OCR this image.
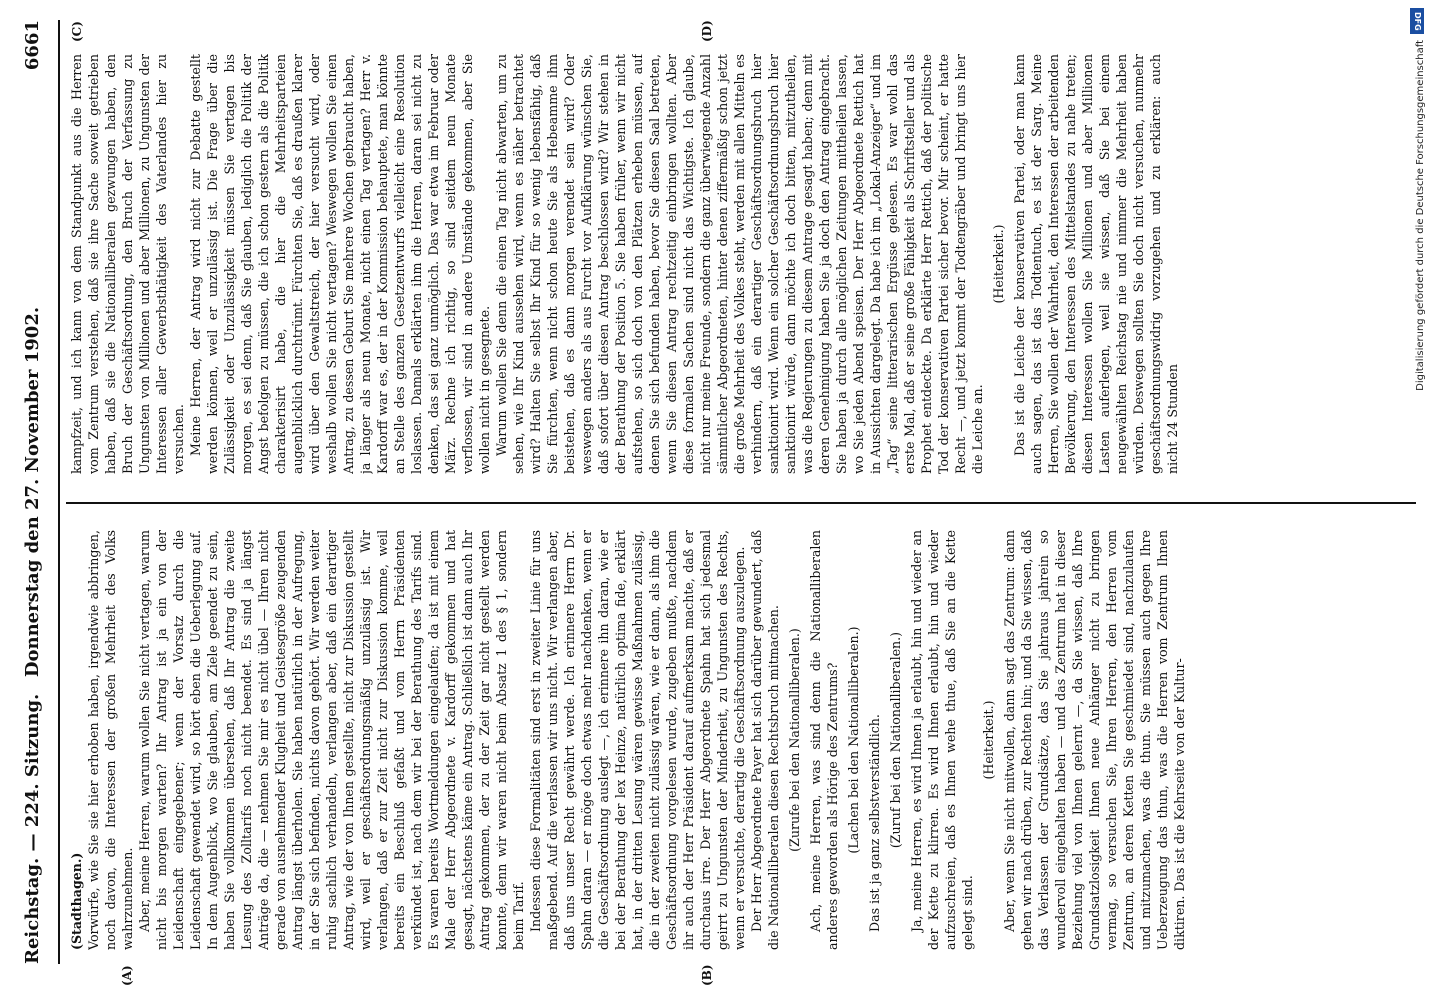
Reichstag. — 224. Sitzung.
Donnerstag den 27. November 1902.
6661
(A)	(B)
(C)	(D)

(Stadthagen.) Vorwürfe, wie Sie sie hier erhoben haben, irgendwie abbringen, noch davon, die Interessen der großen Mehrheit des Volks wahrzunehmen. Aber, meine Herren, warum wollen Sie nicht vertagen, warum nicht bis morgen warten? Ihr Antrag ist ja ein von der Leidenschaft eingegebener; wenn der Vorsatz durch die Leidenschaft gewendet wird, so hört eben die Ueberlegung auf. In dem Augenblick, wo Sie glauben, am Ziele geendet zu sein, haben Sie vollkommen übersehen, daß Ihr Antrag die zweite Lesung des Zolltarifs noch nicht beendet. Es sind ja längst Anträge da, die — nehmen Sie mir es nicht übel — Ihren nicht gerade von ausnehmender Klugheit und Geistesgröße zeugenden Antrag längst überholen. Sie haben natürlich in der Aufregung, in der Sie sich befinden, nichts davon gehört. Wir werden weiter ruhig sachlich verhandeln, verlangen aber, daß ein derartiger Antrag, wie der von Ihnen gestellte, nicht zur Diskussion gestellt wird, weil er geschäftsordnungsmäßig unzulässig ist. Wir verlangen, daß er zur Zeit nicht zur Diskussion komme, weil bereits ein Beschluß gefaßt und vom Herrn Präsidenten verkündet ist, nach dem wir bei der Berathung des Tarifs sind. Es waren bereits Wortmeldungen eingelaufen; da ist mit einem Male der Herr Abgeordnete v. Kardorff gekommen und hat gesagt, nächstens käme ein Antrag. Schließlich ist dann auch Ihr Antrag gekommen, der zu der Zeit gar nicht gestellt werden konnte, denn wir waren nicht beim Absatz 1 des § 1, sondern beim Tarif. Indessen diese Formalitäten sind erst in zweiter Linie für uns maßgebend. Auf die verlassen wir uns nicht. Wir verlangen aber, daß uns unser Recht gewährt werde. Ich erinnere Herrn Dr. Spahn daran — er möge doch etwas mehr nachdenken, wenn er die Geschäftsordnung auslegt —, ich erinnere ihn daran, wie er bei der Berathung der lex Heinze, natürlich optima fide, erklärt hat, in der dritten Lesung wären gewisse Maßnahmen zulässig, die in der zweiten nicht zulässig wären, wie er dann, als ihm die Geschäftsordnung vorgelesen wurde, zugeben mußte, nachdem ihr auch der Herr Präsident darauf aufmerksam machte, daß er durchaus irre. Der Herr Abgeordnete Spahn hat sich jedesmal geirrt zu Ungunsten der Minderheit, zu Ungunsten des Rechts, wenn er versuchte, derartig die Geschäftsordnung auszulegen. Der Herr Abgeordnete Payer hat sich darüber gewundert, daß die Nationalliberalen diesen Rechtsbruch mitmachen. (Zurufe bei den Nationalliberalen.) Ach, meine Herren, was sind denn die Nationalliberalen anderes geworden als Hörige des Zentrums? (Lachen bei den Nationalliberalen.) Das ist ja ganz selbstverständlich. (Zuruf bei den Nationalliberalen.) Ja, meine Herren, es wird Ihnen ja erlaubt, hin und wieder an der Kette zu klirren. Es wird Ihnen erlaubt, hin und wieder aufzuschreien, daß es Ihnen wehe thue, daß Sie an die Kette gelegt sind.

(Heiterkeit.) Aber, wenn Sie nicht mitwollen, dann sagt das Zentrum: dann gehen wir nach drüben, zur Rechten hin; und da Sie wissen, daß das Verlassen der Grundsätze, das Sie jahraus jahrein so wundervoll eingehalten haben — und das Zentrum hat in dieser Beziehung viel von Ihnen gelernt —, da Sie wissen, daß Ihre Grundsatzlosigkeit Ihnen neue Anhänger nicht zu bringen vermag, so versuchen Sie, Ihren Herren, den Herren vom Zentrum, an deren Ketten Sie geschmiedet sind, nachzulaufen und mitzumachen, was die thun. Sie müssen auch gegen Ihre Ueberzeugung das thun, was die Herren vom Zentrum Ihnen diktiren. Das ist die Kehrseite von der Kultur-

kampfzeit, und ich kann von dem Standpunkt aus die Herren vom Zentrum verstehen, daß sie ihre Sache soweit getrieben haben, daß sie die Nationalliberalen gezwungen haben, den Bruch der Geschäftsordnung, den Bruch der Verfassung zu Ungunsten von Millionen und aber Millionen, zu Ungunsten der Interessen aller Gewerbsthätigkeit des Vaterlandes hier zu versuchen. Meine Herren, der Antrag wird nicht zur Debatte gestellt werden können, weil er unzulässig ist. Die Frage über die Zulässigkeit oder Unzulässigkeit müssen Sie vertagen bis morgen, es sei denn, daß Sie glauben, lediglich die Politik der Angst befolgen zu müssen, die ich schon gestern als die Politik charakterisirt habe, die hier die Mehrheitsparteien augenblicklich durchtrümt. Fürchten Sie, daß es draußen klarer wird über den Gewaltstreich, der hier versucht wird, oder weshalb wollen Sie nicht vertagen? Weswegen wollen Sie einen Antrag, zu dessen Geburt Sie mehrere Wochen gebraucht haben, ja länger als neun Monate, nicht einen Tag vertagen? Herr v. Kardorff war es, der in der Kommission behauptete, man könnte an Stelle des ganzen Gesetzentwurfs vielleicht eine Resolution loslassen. Damals erklärten ihm die Herren, daran sei nicht zu denken, das sei ganz unmöglich. Das war etwa im Februar oder März. Rechne ich richtig, so sind seitdem neun Monate verflossen, wir sind in andere Umstände gekommen, aber Sie wollen nicht in gesegnete. Warum wollen Sie denn die einen Tag nicht abwarten, um zu sehen, wie Ihr Kind aussehen wird, wenn es näher betrachtet wird? Halten Sie selbst Ihr Kind für so wenig lebensfähig, daß Sie fürchten, wenn nicht schon heute Sie als Hebeamme ihm beistehen, daß es dann morgen verendet sein wird? Oder weswegen anders als aus Furcht vor Aufklärung wünschen Sie, daß sofort über diesen Antrag beschlossen wird? Wir stehen in der Berathung der Position 5. Sie haben früher, wenn wir nicht aufstehen, so sich doch von den Plätzen erheben müssen, auf denen Sie sich befunden haben, bevor Sie diesen Saal betreten, wenn Sie diesen Antrag rechtzeitig einbringen wollten. Aber diese formalen Sachen sind nicht das Wichtigste. Ich glaube, nicht nur meine Freunde, sondern die ganz überwiegende Anzahl sämmtlicher Abgeordneten, hinter denen ziffermäßig schon jetzt die große Mehrheit des Volkes steht, werden mit allen Mitteln es verhindern, daß ein derartiger Geschäftsordnungsbruch hier sanktionirt wird. Wenn ein solcher Geschäftsordnungsbruch hier sanktionirt würde, dann möchte ich doch bitten, mitzutheilen, was die Regierungen zu diesem Antrage gesagt haben; denn mit deren Genehmigung haben Sie ja doch den Antrag eingebracht. Sie haben ja durch alle möglichen Zeitungen mittheilen lassen, wo Sie jeden Abend speisen. Der Herr Abgeordnete Rettich hat in Aussichten dargelegt. Da habe ich im „Lokal-Anzeiger“ und im „Tag“ seine litterarischen Ergüsse gelesen. Es war wohl das erste Mal, daß er seine große Fähigkeit als Schriftsteller und als Prophet entdeckte. Da erklärte Herr Rettich, daß der politische Tod der konservativen Partei sicher bevor. Mir scheint, er hatte Recht —, und jetzt kommt der Todtengräber und bringt uns hier die Leiche an.

(Heiterkeit.) Das ist die Leiche der konservativen Partei, oder man kann auch sagen, das ist das Todtentuch, es ist der Sarg. Meine Herren, Sie wollen der Wahrheit, den Interessen der arbeitenden Bevölkerung, den Interessen des Mittelstandes zu nahe treten; diesen Interessen wollen Sie Millionen und aber Millionen Lasten auferlegen, weil sie wissen, daß Sie bei einem neugewählten Reichstag nie und nimmer die Mehrheit haben würden. Deswegen sollten Sie doch nicht versuchen, nunmehr geschäftsordnungswidrig vorzugehen und zu erklären: auch nicht 24 Stunden

DFG
Digitalisierung gefördert durch die Deutsche Forschungsgemeinschaft
